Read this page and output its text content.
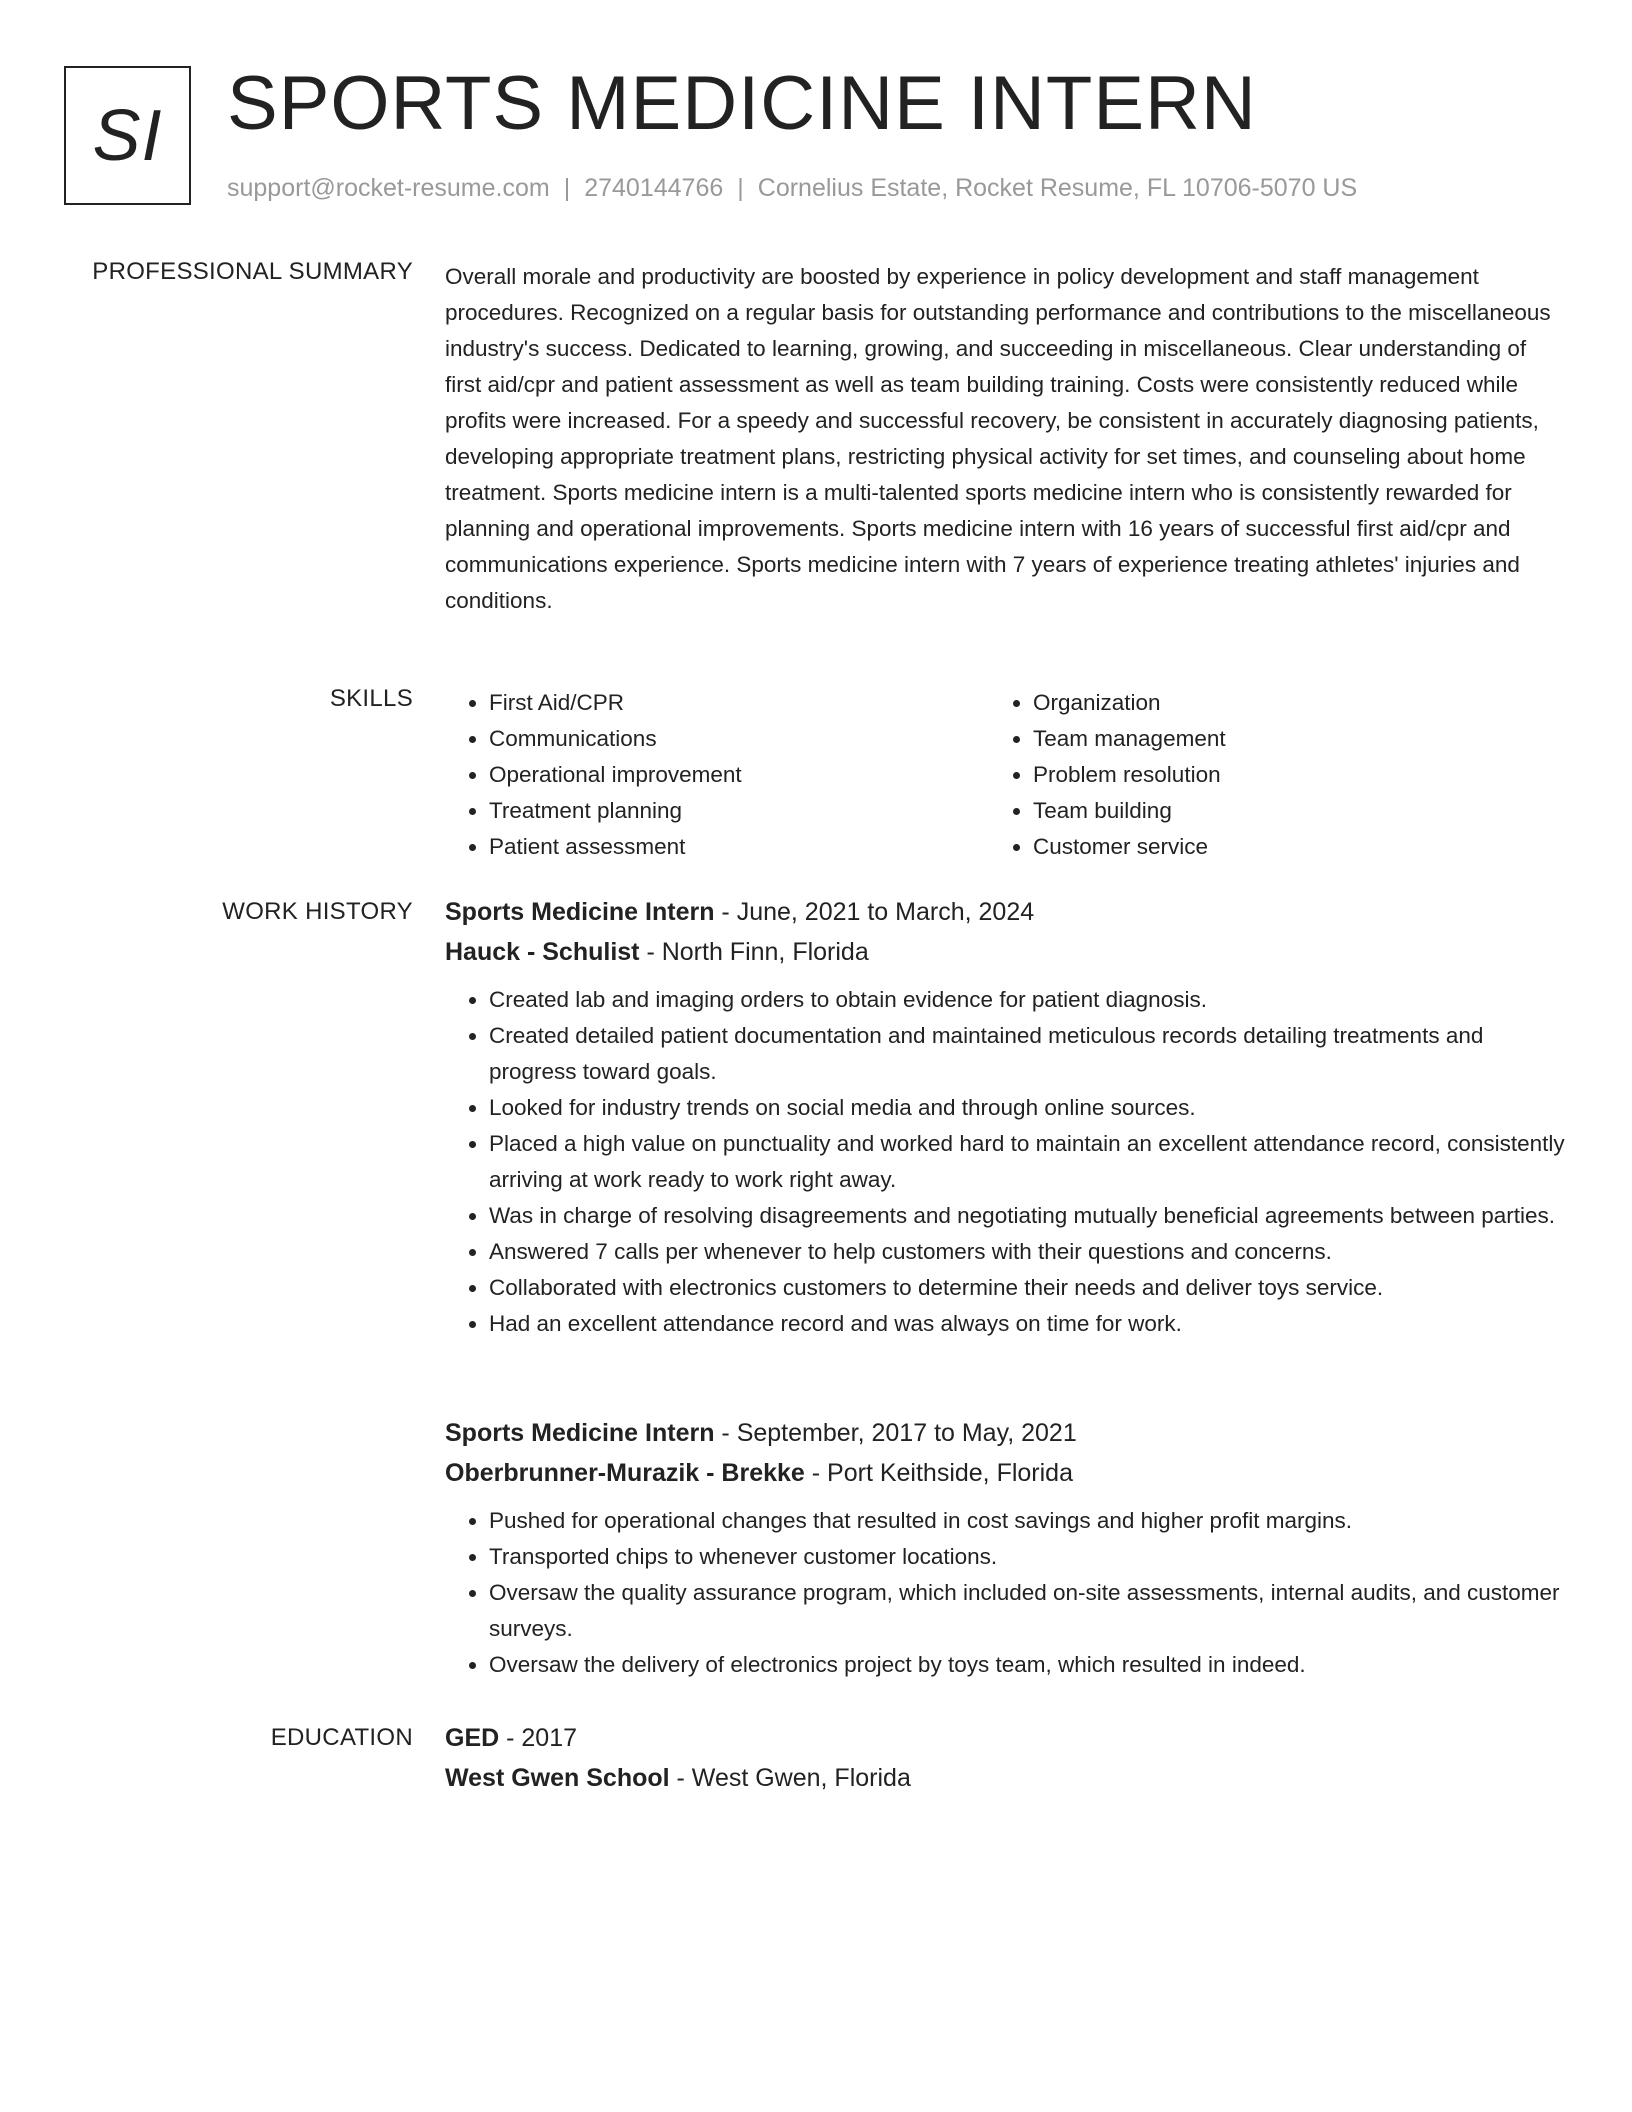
SI SPORTS MEDICINE INTERN
support@rocket-resume.com | 2740144766 | Cornelius Estate, Rocket Resume, FL 10706-5070 US
PROFESSIONAL SUMMARY Overall morale and productivity are boosted by experience in policy development and staff management procedures. Recognized on a regular basis for outstanding performance and contributions to the miscellaneous industry's success. Dedicated to learning, growing, and succeeding in miscellaneous. Clear understanding of first aid/cpr and patient assessment as well as team building training. Costs were consistently reduced while profits were increased. For a speedy and successful recovery, be consistent in accurately diagnosing patients, developing appropriate treatment plans, restricting physical activity for set times, and counseling about home treatment. Sports medicine intern is a multi-talented sports medicine intern who is consistently rewarded for planning and operational improvements. Sports medicine intern with 16 years of successful first aid/cpr and communications experience. Sports medicine intern with 7 years of experience treating athletes' injuries and conditions.

SKILLS
•	First Aid/CPR
• Communications
• Operational improvement
• Treatment planning
• Patient assessment
• Organization
• Team management
• Problem resolution
• Team building
• Customer service
WORK HISTORY Sports Medicine Intern - June, 2021 to March, 2024
Hauck - Schulist - North Finn, Florida
• Created lab and imaging orders to obtain evidence for patient diagnosis.
• Created detailed patient documentation and maintained meticulous records detailing treatments and progress toward goals.
• Looked for industry trends on social media and through online sources.
• Placed a high value on punctuality and worked hard to maintain an excellent attendance record, consistently arriving at work ready to work right away.
• Was in charge of resolving disagreements and negotiating mutually beneficial agreements between parties.
• Answered 7 calls per whenever to help customers with their questions and concerns.
• Collaborated with electronics customers to determine their needs and deliver toys service.
• Had an excellent attendance record and was always on time for work.
Sports Medicine Intern - September, 2017 to May, 2021
Oberbrunner-Murazik - Brekke - Port Keithside, Florida
• Pushed for operational changes that resulted in cost savings and higher profit margins.
• Transported chips to whenever customer locations.
• Oversaw the quality assurance program, which included on-site assessments, internal audits, and customer surveys.
• Oversaw the delivery of electronics project by toys team, which resulted in indeed.
EDUCATION GED - 2017
West Gwen School - West Gwen, Florida
